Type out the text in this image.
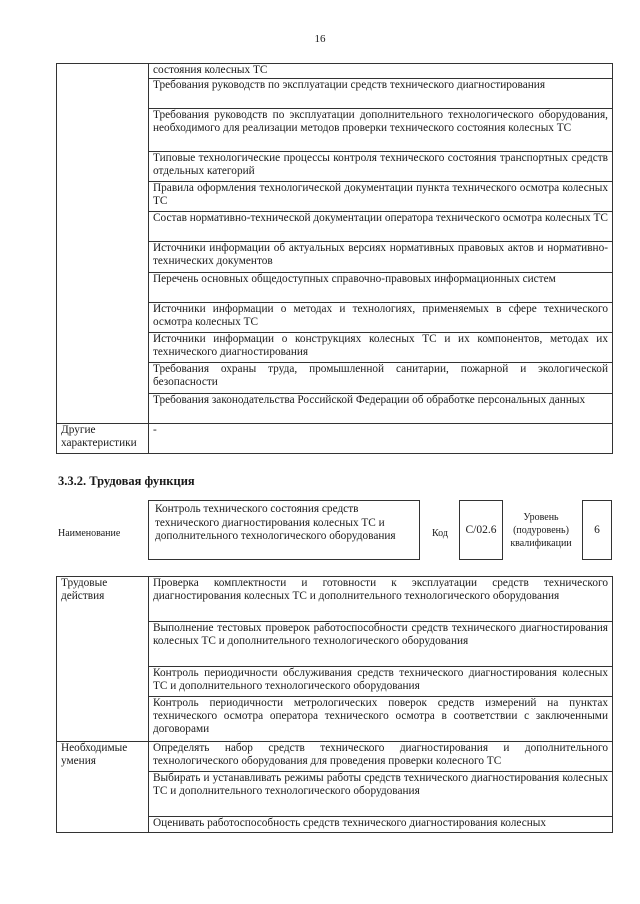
16
	состояния колесных ТС
	Требования руководств по эксплуатации средств технического диагностирования
	Требования руководств по эксплуатации дополнительного технологического оборудования, необходимого для реализации методов проверки технического состояния колесных ТС
	Типовые технологические процессы контроля технического состояния транспортных средств отдельных категорий
	Правила оформления технологической документации пункта технического осмотра колесных ТС
	Состав нормативно-технической документации оператора технического осмотра колесных ТС
	Источники информации об актуальных версиях нормативных правовых актов и нормативно-технических документов
	Перечень основных общедоступных справочно-правовых информационных систем
	Источники информации о методах и технологиях, применяемых в сфере технического осмотра колесных ТС
	Источники информации о конструкциях колесных ТС и их компонентов, методах их технического диагностирования
	Требования охраны труда, промышленной санитарии, пожарной и экологической безопасности
	Требования законодательства Российской Федерации об обработке персональных данных
Другие характеристики	-
3.3.2. Трудовая функция
Наименование
Контроль технического состояния средств технического диагностирования колесных ТС и дополнительного технологического оборудования	Код	С/02.6
Уровень (подуровень) квалификации
6
Трудовые действия	Проверка комплектности и готовности к эксплуатации средств технического диагностирования колесных ТС и дополнительного технологического оборудования
	Выполнение тестовых проверок работоспособности средств технического диагностирования колесных ТС и дополнительного технологического оборудования
	Контроль периодичности обслуживания средств технического диагностирования колесных ТС и дополнительного технологического оборудования
	Контроль периодичности метрологических поверок средств измерений на пунктах технического осмотра оператора технического осмотра в соответствии с заключенными договорами
Необходимые умения	Определять набор средств технического диагностирования и дополнительного технологического оборудования для проведения проверки колесного ТС
	Выбирать и устанавливать режимы работы средств технического диагностирования колесных ТС и дополнительного технологического оборудования
	Оценивать работоспособность средств технического диагностирования колесных
